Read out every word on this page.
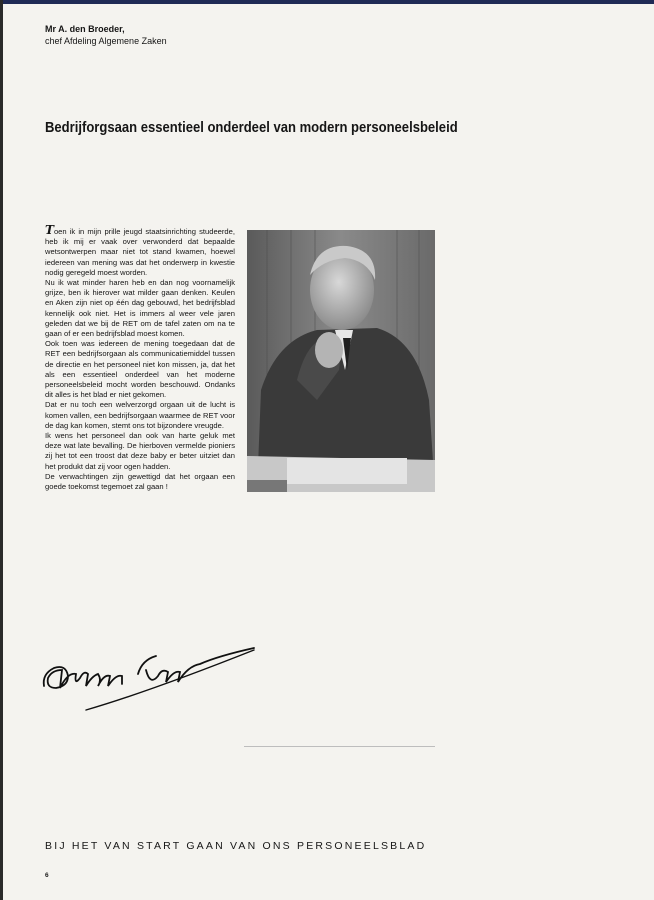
Mr A. den Broeder,
chef Afdeling Algemene Zaken
Bedrijforgsaan essentieel onderdeel van modern personeelsbeleid

Toen ik in mijn prille jeugd staatsinrichting studeerde, heb ik mij er vaak over verwonderd dat bepaalde wetsontwerpen maar niet tot stand kwamen, hoewel iedereen van mening was dat het onderwerp in kwestie nodig geregeld moest worden.

Nu ik wat minder haren heb en dan nog voornamelijk grijze, ben ik hierover wat milder gaan denken. Keulen en Aken zijn niet op één dag gebouwd, het bedrijfsblad kennelijk ook niet. Het is immers al weer vele jaren geleden dat we bij de RET om de tafel zaten om na te gaan of er een bedrijfsblad moest komen.

Ook toen was iedereen de mening toegedaan dat de RET een bedrijfsorgaan als communicatiemiddel tussen de directie en het personeel niet kon missen, ja, dat het als een essentieel onderdeel van het moderne personeelsbeleid mocht worden beschouwd. Ondanks dit alles is het blad er niet gekomen.

Dat er nu toch een welverzorgd orgaan uit de lucht is komen vallen, een bedrijfsorgaan waarmee de RET voor de dag kan komen, stemt ons tot bijzondere vreugde.

Ik wens het personeel dan ook van harte geluk met deze wat late bevalling. De hierboven vermelde pioniers zij het tot een troost dat deze baby er beter uitziet dan het produkt dat zij voor ogen hadden.

De verwachtingen zijn gewettigd dat het orgaan een goede toekomst tegemoet zal gaan !

BIJ HET VAN START GAAN VAN ONS PERSONEELSBLAD
6
